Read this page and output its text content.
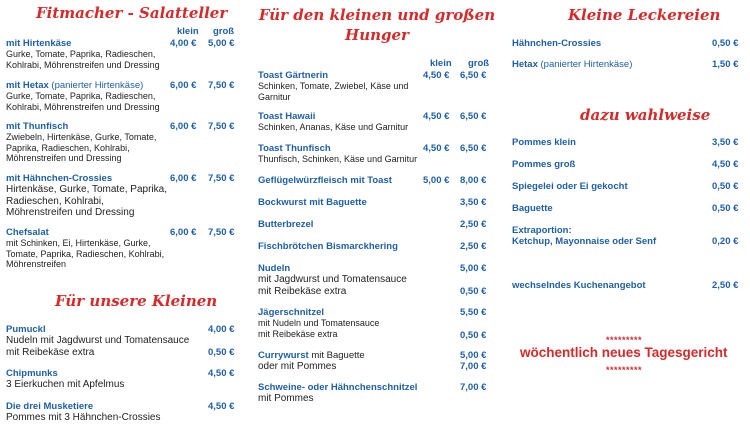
Fitmacher - Salatteller
klein groß
mit Hirtenkäse
Gurke, Tomate, Paprika, Radieschen, Kohlrabi, Möhrenstreifen und Dressing
4,00 € 5,00 €
mit Hetax (panierter Hirtenkäse)
Gurke, Tomate, Paprika, Radieschen, Kohlrabi, Möhrenstreifen und Dressing
6,00 € 7,50 €
mit Thunfisch
Zwiebeln, Hirtenkäse, Gurke, Tomate, Paprika, Radieschen, Kohlrabi, Möhrenstreifen und Dressing
6,00 € 7,50 €
mit Hähnchen-Crossies
Hirtenkäse, Gurke, Tomate, Paprika, Radieschen, Kohlrabi, Möhrenstreifen und Dressing
6,00 € 7,50 €
Chefsalat
mit Schinken, Ei, Hirtenkäse, Gurke, Tomate, Paprika, Radieschen, Kohlrabi, Möhrenstreifen
6,00 € 7,50 €
Für unsere Kleinen
Pumuckl
Nudeln mit Jagdwurst und Tomatensauce
mit Reibekäse extra
4,00 €
0,50 €
Chipmunks
3 Eierkuchen mit Apfelmus
4,50 €
Die drei Musketiere
Pommes mit 3 Hähnchen-Crossies
4,50 €
Für den kleinen und großen
Hunger
klein groß
Toast Gärtnerin
Schinken, Tomate, Zwiebel, Käse und Garnitur
4,50 € 6,50 €
Toast Hawaii
Schinken, Ananas, Käse und Garnitur
4,50 € 6,50 €
Toast Thunfisch
Thunfisch, Schinken, Käse und Garnitur
4,50 € 6,50 €
Geflügelwürzfleisch mit Toast	5,00 € 8,00 €
Bockwurst mit Baguette	3,50 €
Butterbrezel	2,50 €
Fischbrötchen Bismarckhering	2,50 €
Nudeln
mit Jagdwurst und Tomatensauce
mit Reibekäse extra
5,00 €
0,50 €
Jägerschnitzel
mit Nudeln und Tomatensauce
mit Reibekäse extra
5,50 €
0,50 €
Currywurst mit Baguette
oder mit Pommes
5,00 €
7,00 €
Schweine- oder Hähnchenschnitzel
mit Pommes
7,00 €
Kleine Leckereien
Hähnchen-Crossies	0,50 €
Hetax (panierter Hirtenkäse)	1,50 €
dazu wahlweise
Pommes klein	3,50 €
Pommes groß	4,50 €
Spiegelei oder Ei gekocht	0,50 €
Baguette	0,50 €
Extraportion:
Ketchup, Mayonnaise oder Senf	0,20 €
wechselndes Kuchenangebot	2,50 €
*********
wöchentlich neues Tagesgericht
*********
